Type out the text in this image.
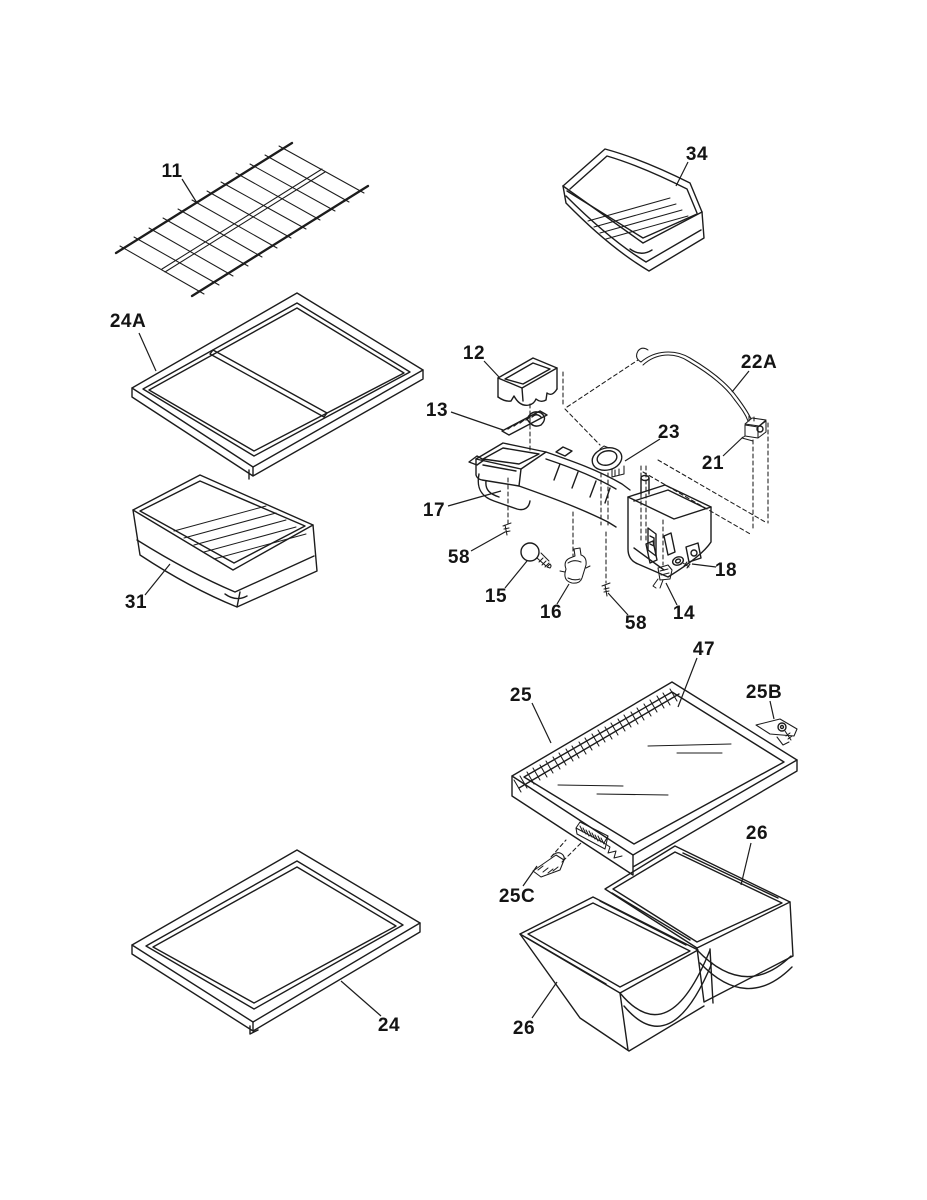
11
34
24A
12
13
22A
23
21
17
58
15
16
58 14
18
31
47
25	25B
25C
26
26
24
